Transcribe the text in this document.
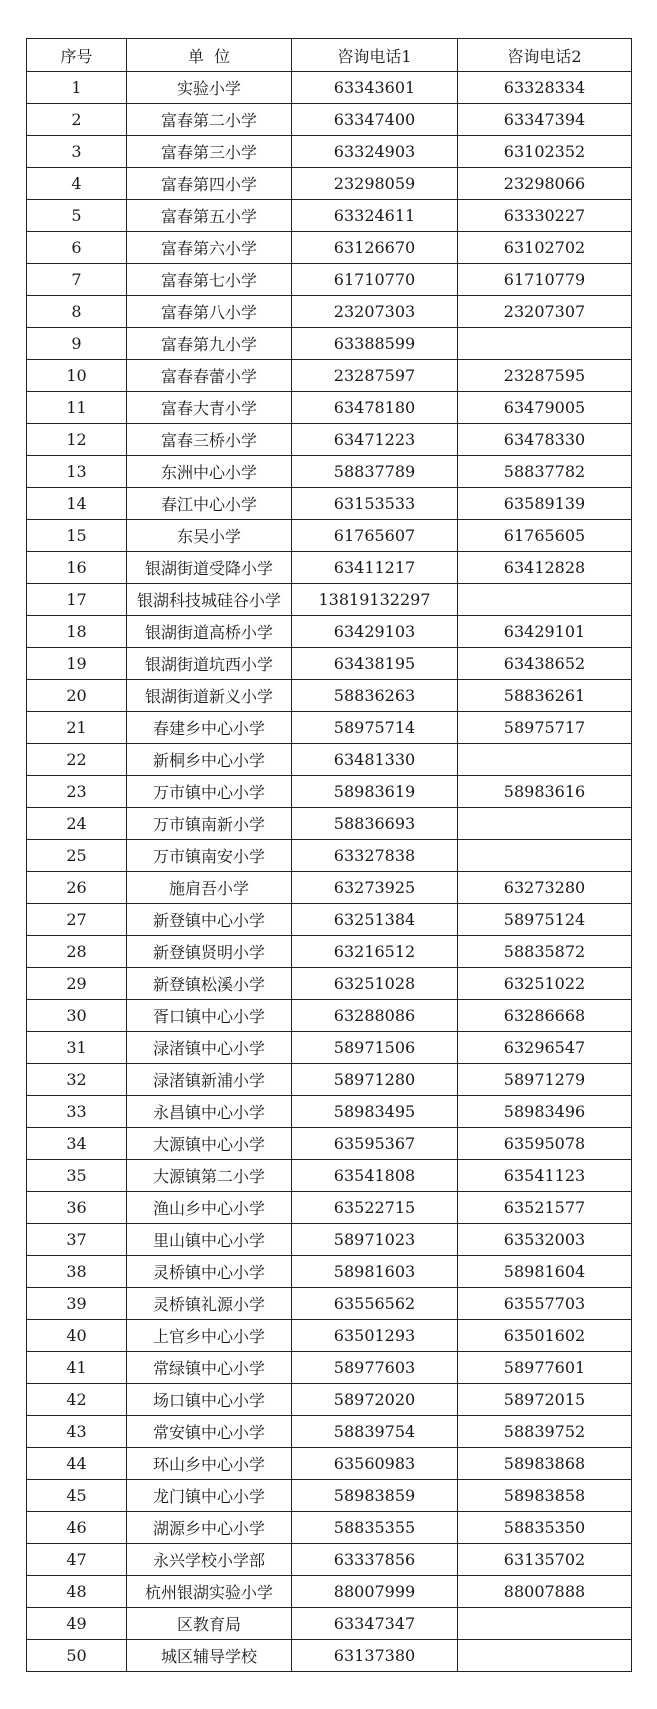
序号	单  位	咨询电话1	咨询电话2
1	实验小学	63343601	63328334
2	富春第二小学	63347400	63347394
3	富春第三小学	63324903	63102352
4	富春第四小学	23298059	23298066
5	富春第五小学	63324611	63330227
6	富春第六小学	63126670	63102702
7	富春第七小学	61710770	61710779
8	富春第八小学	23207303	23207307
9	富春第九小学	63388599	
10	富春春蕾小学	23287597	23287595
11	富春大青小学	63478180	63479005
12	富春三桥小学	63471223	63478330
13	东洲中心小学	58837789	58837782
14	春江中心小学	63153533	63589139
15	东吴小学	61765607	61765605
16	银湖街道受降小学	63411217	63412828
17	银湖科技城硅谷小学	13819132297	
18	银湖街道高桥小学	63429103	63429101
19	银湖街道坑西小学	63438195	63438652
20	银湖街道新义小学	58836263	58836261
21	春建乡中心小学	58975714	58975717
22	新桐乡中心小学	63481330	
23	万市镇中心小学	58983619	58983616
24	万市镇南新小学	58836693	
25	万市镇南安小学	63327838	
26	施肩吾小学	63273925	63273280
27	新登镇中心小学	63251384	58975124
28	新登镇贤明小学	63216512	58835872
29	新登镇松溪小学	63251028	63251022
30	胥口镇中心小学	63288086	63286668
31	渌渚镇中心小学	58971506	63296547
32	渌渚镇新浦小学	58971280	58971279
33	永昌镇中心小学	58983495	58983496
34	大源镇中心小学	63595367	63595078
35	大源镇第二小学	63541808	63541123
36	渔山乡中心小学	63522715	63521577
37	里山镇中心小学	58971023	63532003
38	灵桥镇中心小学	58981603	58981604
39	灵桥镇礼源小学	63556562	63557703
40	上官乡中心小学	63501293	63501602
41	常绿镇中心小学	58977603	58977601
42	场口镇中心小学	58972020	58972015
43	常安镇中心小学	58839754	58839752
44	环山乡中心小学	63560983	58983868
45	龙门镇中心小学	58983859	58983858
46	湖源乡中心小学	58835355	58835350
47	永兴学校小学部	63337856	63135702
48	杭州银湖实验小学	88007999	88007888
49	区教育局	63347347	
50	城区辅导学校	63137380	
